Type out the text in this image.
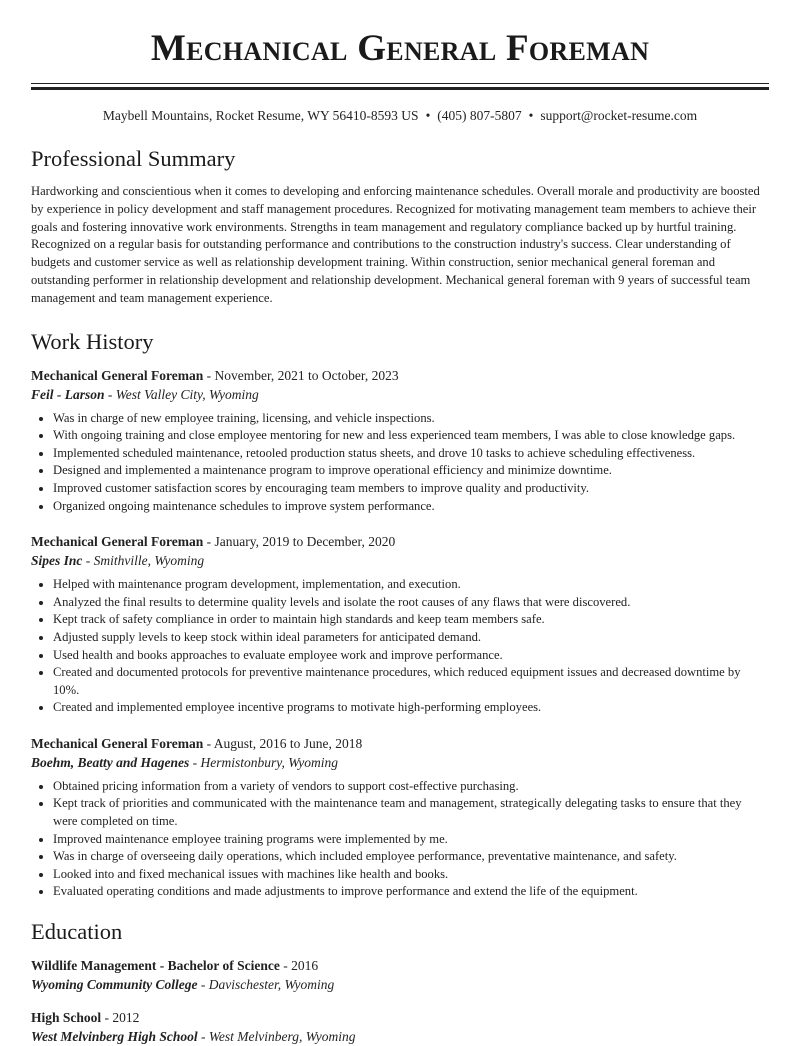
Mechanical General Foreman
Maybell Mountains, Rocket Resume, WY 56410-8593 US • (405) 807-5807 • support@rocket-resume.com
Professional Summary

Hardworking and conscientious when it comes to developing and enforcing maintenance schedules. Overall morale and productivity are boosted by experience in policy development and staff management procedures. Recognized for motivating management team members to achieve their goals and fostering innovative work environments. Strengths in team management and regulatory compliance backed up by hurtful training. Recognized on a regular basis for outstanding performance and contributions to the construction industry's success. Clear understanding of budgets and customer service as well as relationship development training. Within construction, senior mechanical general foreman and outstanding performer in relationship development and relationship development. Mechanical general foreman with 9 years of successful team management and team management experience.

Work History
Mechanical General Foreman - November, 2021 to October, 2023
Feil - Larson - West Valley City, Wyoming
• Was in charge of new employee training, licensing, and vehicle inspections.
• With ongoing training and close employee mentoring for new and less experienced team members, I was able to close knowledge gaps.
• Implemented scheduled maintenance, retooled production status sheets, and drove 10 tasks to achieve scheduling effectiveness.
• Designed and implemented a maintenance program to improve operational efficiency and minimize downtime.
• Improved customer satisfaction scores by encouraging team members to improve quality and productivity.
• Organized ongoing maintenance schedules to improve system performance.
Mechanical General Foreman - January, 2019 to December, 2020
Sipes Inc - Smithville, Wyoming
• Helped with maintenance program development, implementation, and execution.
• Analyzed the final results to determine quality levels and isolate the root causes of any flaws that were discovered.
• Kept track of safety compliance in order to maintain high standards and keep team members safe.
• Adjusted supply levels to keep stock within ideal parameters for anticipated demand.
• Used health and books approaches to evaluate employee work and improve performance.
• Created and documented protocols for preventive maintenance procedures, which reduced equipment issues and decreased downtime by 10%.
• Created and implemented employee incentive programs to motivate high-performing employees.
Mechanical General Foreman - August, 2016 to June, 2018
Boehm, Beatty and Hagenes - Hermistonbury, Wyoming
• Obtained pricing information from a variety of vendors to support cost-effective purchasing.
• Kept track of priorities and communicated with the maintenance team and management, strategically delegating tasks to ensure that they were completed on time.
• Improved maintenance employee training programs were implemented by me.
• Was in charge of overseeing daily operations, which included employee performance, preventative maintenance, and safety.
• Looked into and fixed mechanical issues with machines like health and books.
• Evaluated operating conditions and made adjustments to improve performance and extend the life of the equipment.
Education
Wildlife Management - Bachelor of Science - 2016
Wyoming Community College - Davischester, Wyoming
High School - 2012
West Melvinberg High School - West Melvinberg, Wyoming
